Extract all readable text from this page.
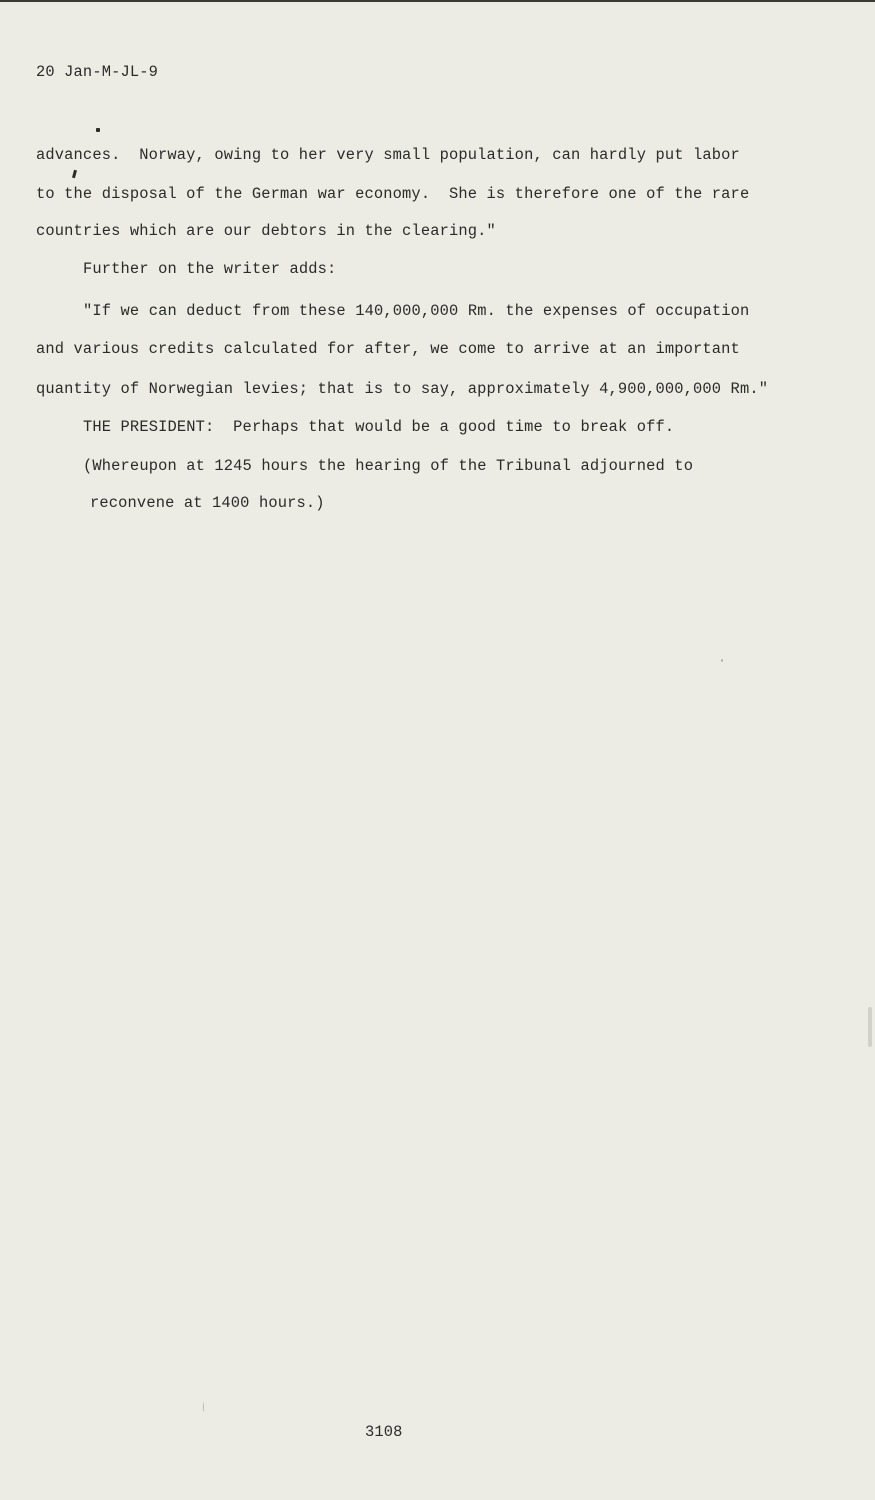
20 Jan-M-JL-9
advances.  Norway, owing to her very small population, can hardly put labor
to the disposal of the German war economy.  She is therefore one of the rare
countries which are our debtors in the clearing."
Further on the writer adds:
"If we can deduct from these 140,000,000 Rm. the expenses of occupation
and various credits calculated for after, we come to arrive at an important
quantity of Norwegian levies; that is to say, approximately 4,900,000,000 Rm."
THE PRESIDENT:  Perhaps that would be a good time to break off.
(Whereupon at 1245 hours the hearing of the Tribunal adjourned to
reconvene at 1400 hours.)
3108
